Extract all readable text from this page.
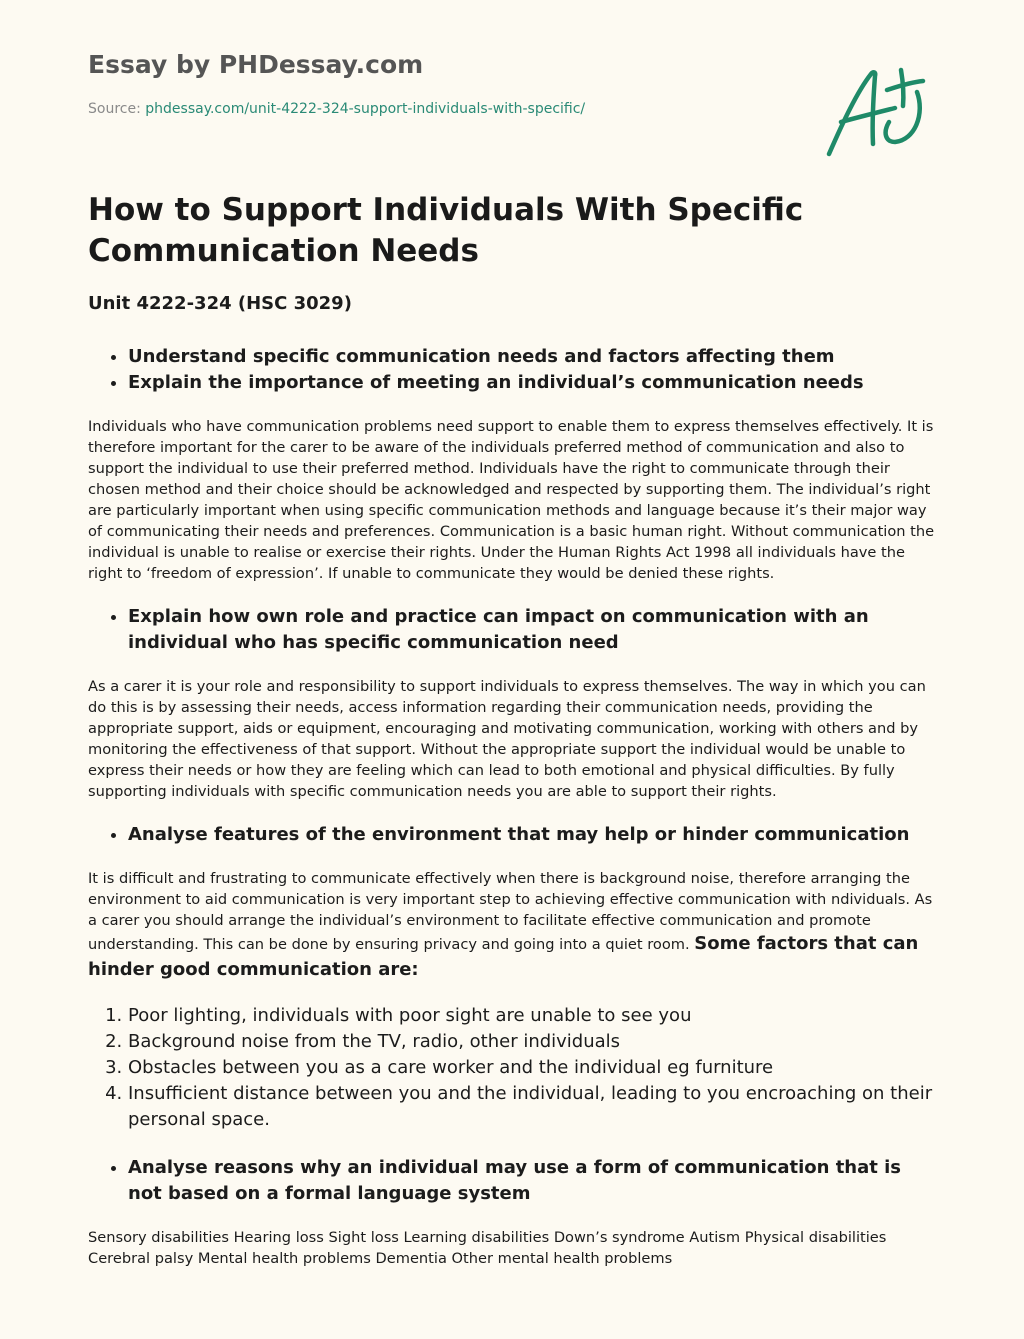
Essay by PHDessay.com
Source: phdessay.com/unit-4222-324-support-individuals-with-specific/
How to Support Individuals With Specific Communication Needs
Unit 4222-324 (HSC 3029)
• Understand specific communication needs and factors affecting them
• Explain the importance of meeting an individual’s communication needs

Individuals who have communication problems need support to enable them to express themselves effectively. It is therefore important for the carer to be aware of the individuals preferred method of communication and also to support the individual to use their preferred method. Individuals have the right to communicate through their chosen method and their choice should be acknowledged and respected by supporting them. The individual’s right are particularly important when using specific communication methods and language because it’s their major way of communicating their needs and preferences. Communication is a basic human right. Without communication the individual is unable to realise or exercise their rights. Under the Human Rights Act 1998 all individuals have the right to ‘freedom of expression’. If unable to communicate they would be denied these rights.

• Explain how own role and practice can impact on communication with an individual who has specific communication need

As a carer it is your role and responsibility to support individuals to express themselves. The way in which you can do this is by assessing their needs, access information regarding their communication needs, providing the appropriate support, aids or equipment, encouraging and motivating communication, working with others and by monitoring the effectiveness of that support. Without the appropriate support the individual would be unable to express their needs or how they are feeling which can lead to both emotional and physical difficulties. By fully supporting individuals with specific communication needs you are able to support their rights.

• Analyse features of the environment that may help or hinder communication

It is difficult and frustrating to communicate effectively when there is background noise, therefore arranging the environment to aid communication is very important step to achieving effective communication with ndividuals. As a carer you should arrange the individual’s environment to facilitate effective communication and promote understanding. This can be done by ensuring privacy and going into a quiet room. Some factors that can hinder good communication are:

1. Poor lighting, individuals with poor sight are unable to see you
2. Background noise from the TV, radio, other individuals
3. Obstacles between you as a care worker and the individual eg furniture
4. Insufficient distance between you and the individual, leading to you encroaching on their personal space.
• Analyse reasons why an individual may use a form of communication that is not based on a formal language system

Sensory disabilities Hearing loss Sight loss Learning disabilities Down’s syndrome Autism Physical disabilities Cerebral palsy Mental health problems Dementia Other mental health problems

•
